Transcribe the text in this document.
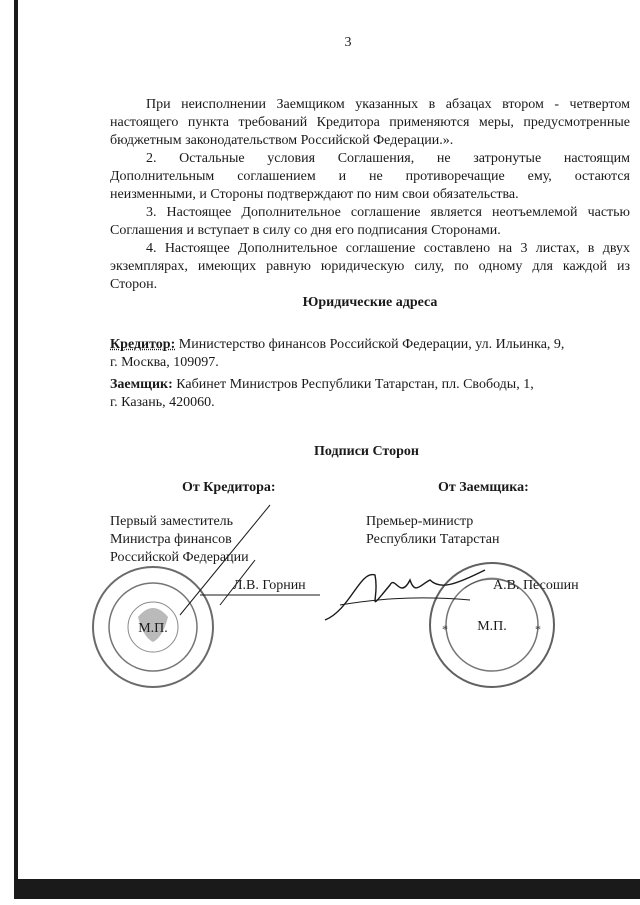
3
При неисполнении Заемщиком указанных в абзацах втором - четвертом
настоящего пункта требований Кредитора применяются меры, предусмотренные
бюджетным законодательством Российской Федерации.».
2. Остальные условия Соглашения, не затронутые настоящим
Дополнительным соглашением и не противоречащие ему, остаются
неизменными, и Стороны подтверждают по ним свои обязательства.
3. Настоящее Дополнительное соглашение является неотъемлемой частью
Соглашения и вступает в силу со дня его подписания Сторонами.
4. Настоящее Дополнительное соглашение составлено на 3 листах, в двух
экземплярах, имеющих равную юридическую силу, по одному для каждой из
Сторон.
Юридические адреса
Кредитор: Министерство финансов Российской Федерации, ул. Ильинка, 9,
г. Москва, 109097.
Заемщик: Кабинет Министров Республики Татарстан, пл. Свободы, 1,
г. Казань, 420060.
Подписи Сторон
От Кредитора:	От Заемщика:
Первый заместитель
Министра финансов
Российской Федерации
Л.В. Горнин
Премьер-министр
Республики Татарстан
А.В. Песошин
М.П.	М.П.
*	*
